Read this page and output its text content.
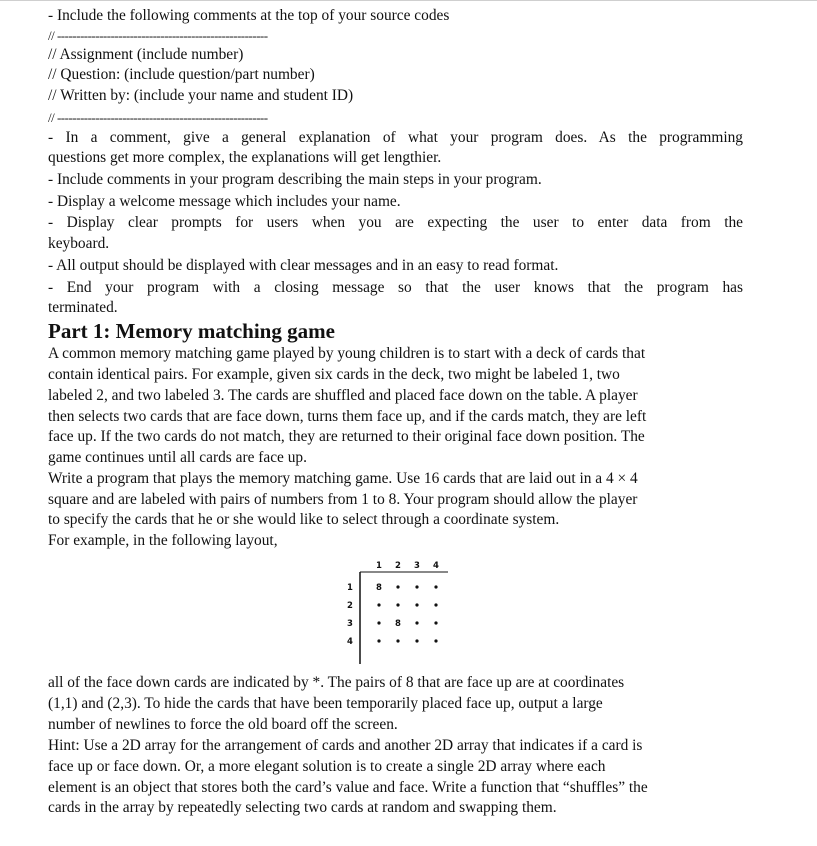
- Include the following comments at the top of your source codes
// -------------------------------------------------------
// Assignment (include number)
// Question: (include question/part number)
// Written by: (include your name and student ID)
// -------------------------------------------------------
- In a comment, give a general explanation of what your program does. As the programming
questions get more complex, the explanations will get lengthier.
- Include comments in your program describing the main steps in your program.
- Display a welcome message which includes your name.
- Display clear prompts for users when you are expecting the user to enter data from the
keyboard.
- All output should be displayed with clear messages and in an easy to read format.
- End your program with a closing message so that the user knows that the program has
terminated.
Part 1: Memory matching game
A common memory matching game played by young children is to start with a deck of cards that
contain identical pairs. For example, given six cards in the deck, two might be labeled 1, two
labeled 2, and two labeled 3. The cards are shuffled and placed face down on the table. A player
then selects two cards that are face down, turns them face up, and if the cards match, they are left
face up. If the two cards do not match, they are returned to their original face down position. The
game continues until all cards are face up.
Write a program that plays the memory matching game. Use 16 cards that are laid out in a 4 × 4
square and are labeled with pairs of numbers from 1 to 8. Your program should allow the player
to specify the cards that he or she would like to select through a coordinate system.
For example, in the following layout,
1 2 3 4
1
2
3
4
8
8
all of the face down cards are indicated by *. The pairs of 8 that are face up are at coordinates
(1,1) and (2,3). To hide the cards that have been temporarily placed face up, output a large
number of newlines to force the old board off the screen.
Hint: Use a 2D array for the arrangement of cards and another 2D array that indicates if a card is
face up or face down. Or, a more elegant solution is to create a single 2D array where each
element is an object that stores both the card’s value and face. Write a function that “shuffles” the
cards in the array by repeatedly selecting two cards at random and swapping them.
